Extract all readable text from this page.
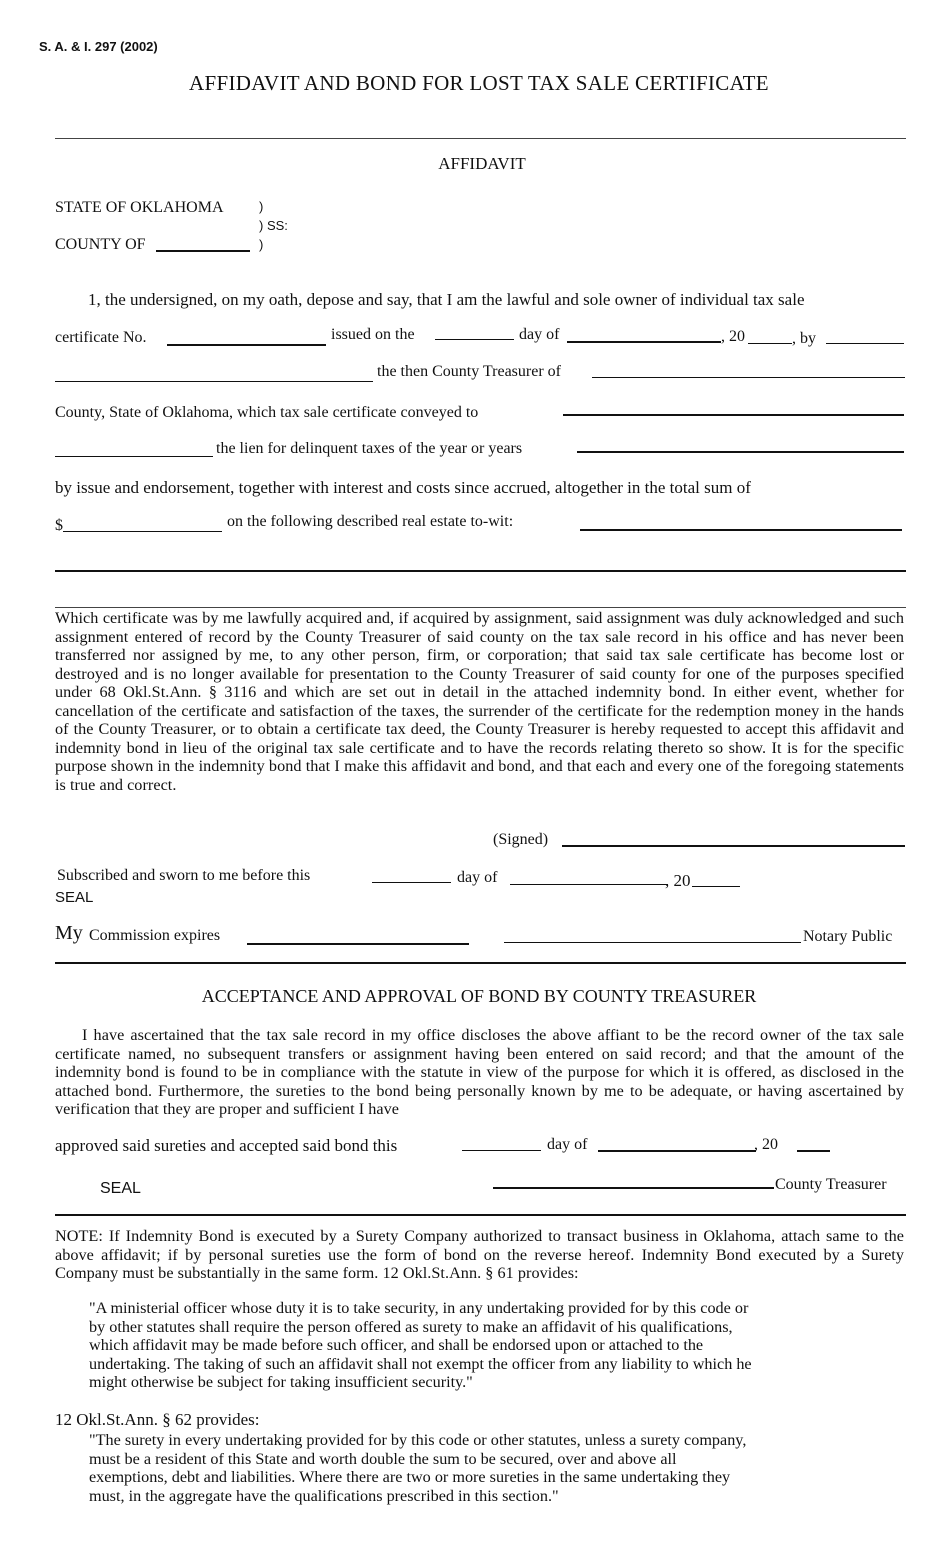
S. A. & I. 297 (2002)
AFFIDAVIT AND BOND FOR LOST TAX SALE CERTIFICATE
AFFIDAVIT
STATE OF OKLAHOMA	)
) SS:
)
COUNTY OF
1, the undersigned, on my oath, depose and say, that I am the lawful and sole owner of individual tax sale
certificate No.	issued on the	day of	, 20	, by
the then County Treasurer of
County, State of Oklahoma, which tax sale certificate conveyed to
the lien for delinquent taxes of the year or years
by issue and endorsement, together with interest and costs since accrued, altogether in the total sum of
$	on the following described real estate to-wit:
Which certificate was by me lawfully acquired and, if acquired by assignment, said assignment was duly acknowledged and such assignment entered of record by the County Treasurer of said county on the tax sale record in his office and has never been transferred nor assigned by me, to any other person, firm, or corporation; that said tax sale certificate has become lost or destroyed and is no longer available for presentation to the County Treasurer of said county for one of the purposes specified under 68 Okl.St.Ann. § 3116 and which are set out in detail in the attached indemnity bond. In either event, whether for cancellation of the certificate and satisfaction of the taxes, the surrender of the certificate for the redemption money in the hands of the County Treasurer, or to obtain a certificate tax deed, the County Treasurer is hereby requested to accept this affidavit and indemnity bond in lieu of the original tax sale certificate and to have the records relating thereto so show. It is for the specific purpose shown in the indemnity bond that I make this affidavit and bond, and that each and every one of the foregoing statements is true and correct.
(Signed)
Subscribed and sworn to me before this	day of	, 20
SEAL
My Commission expires	Notary Public
ACCEPTANCE AND APPROVAL OF BOND BY COUNTY TREASURER
I have ascertained that the tax sale record in my office discloses the above affiant to be the record owner of the tax sale certificate named, no subsequent transfers or assignment having been entered on said record; and that the amount of the indemnity bond is found to be in compliance with the statute in view of the purpose for which it is offered, as disclosed in the attached bond. Furthermore, the sureties to the bond being personally known by me to be adequate, or having ascertained by verification that they are proper and sufficient I have
approved said sureties and accepted said bond this	day of	, 20
SEAL	County Treasurer
NOTE: If Indemnity Bond is executed by a Surety Company authorized to transact business in Oklahoma, attach same to the above affidavit; if by personal sureties use the form of bond on the reverse hereof. Indemnity Bond executed by a Surety Company must be substantially in the same form. 12 Okl.St.Ann. § 61 provides:
"A ministerial officer whose duty it is to take security, in any undertaking provided for by this code or
by other statutes shall require the person offered as surety to make an affidavit of his qualifications,
which affidavit may be made before such officer, and shall be endorsed upon or attached to the
undertaking. The taking of such an affidavit shall not exempt the officer from any liability to which he
might otherwise be subject for taking insufficient security."
12 Okl.St.Ann. § 62 provides:
"The surety in every undertaking provided for by this code or other statutes, unless a surety company,
must be a resident of this State and worth double the sum to be secured, over and above all
exemptions, debt and liabilities. Where there are two or more sureties in the same undertaking they
must, in the aggregate have the qualifications prescribed in this section."
